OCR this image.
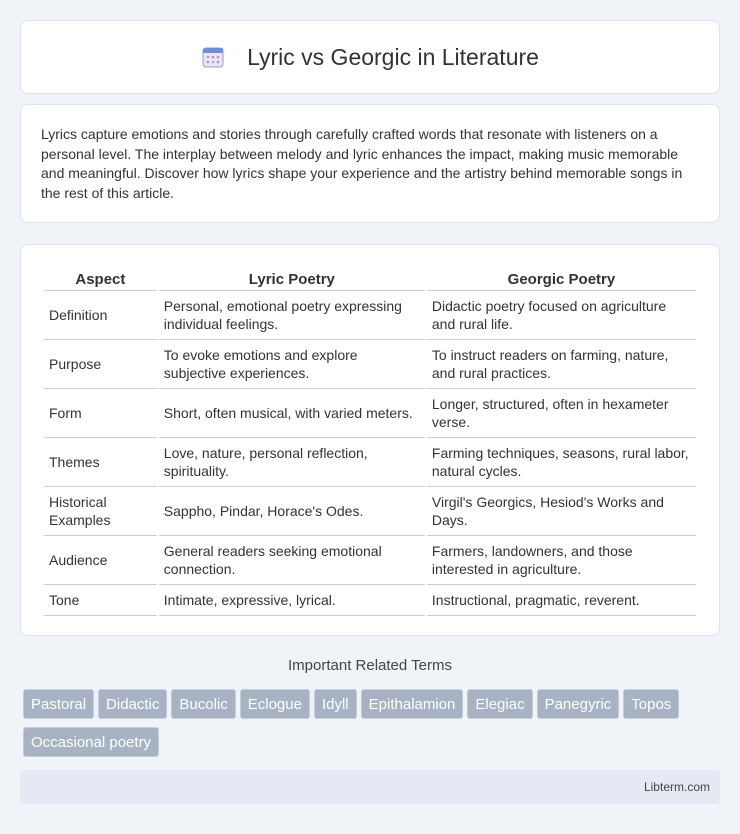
Lyric vs Georgic in Literature

Lyrics capture emotions and stories through carefully crafted words that resonate with listeners on a personal level. The interplay between melody and lyric enhances the impact, making music memorable and meaningful. Discover how lyrics shape your experience and the artistry behind memorable songs in the rest of this article.

Aspect	Lyric Poetry	Georgic Poetry
Definition	Personal, emotional poetry expressing individual feelings.	Didactic poetry focused on agriculture and rural life.
Purpose	To evoke emotions and explore subjective experiences.	To instruct readers on farming, nature, and rural practices.
Form	Short, often musical, with varied meters.	Longer, structured, often in hexameter verse.
Themes	Love, nature, personal reflection, spirituality.	Farming techniques, seasons, rural labor, natural cycles.
Historical Examples	Sappho, Pindar, Horace's Odes.	Virgil's Georgics, Hesiod's Works and Days.
Audience	General readers seeking emotional connection.	Farmers, landowners, and those interested in agriculture.
Tone	Intimate, expressive, lyrical.	Instructional, pragmatic, reverent.
Important Related Terms
Pastoral Didactic Bucolic Eclogue Idyll Epithalamion Elegiac Panegyric ToposOccasional poetry
Libterm.com
